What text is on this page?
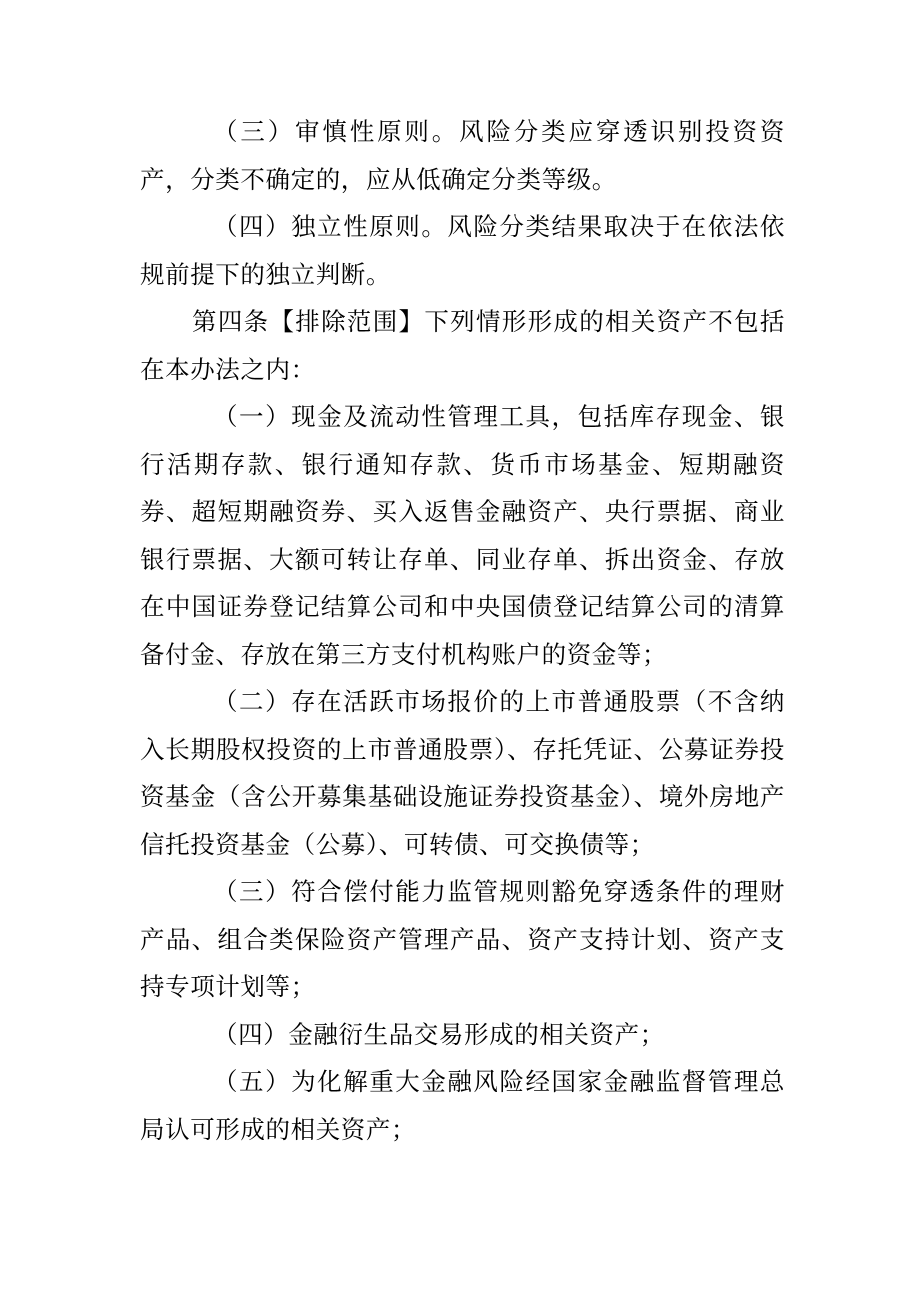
（三）审慎性原则。风险分类应穿透识别投资资产，分类不确定的，应从低确定分类等级。

（四）独立性原则。风险分类结果取决于在依法依规前提下的独立判断。

第四条【排除范围】下列情形形成的相关资产不包括在本办法之内：

（一）现金及流动性管理工具，包括库存现金、银行活期存款、银行通知存款、货币市场基金、短期融资券、超短期融资券、买入返售金融资产、央行票据、商业银行票据、大额可转让存单、同业存单、拆出资金、存放在中国证券登记结算公司和中央国债登记结算公司的清算备付金、存放在第三方支付机构账户的资金等；

（二）存在活跃市场报价的上市普通股票（不含纳入长期股权投资的上市普通股票）、存托凭证、公募证券投资基金（含公开募集基础设施证券投资基金）、境外房地产信托投资基金（公募）、可转债、可交换债等；

（三）符合偿付能力监管规则豁免穿透条件的理财产品、组合类保险资产管理产品、资产支持计划、资产支持专项计划等；

（四）金融衍生品交易形成的相关资产；

（五）为化解重大金融风险经国家金融监督管理总局认可形成的相关资产；
